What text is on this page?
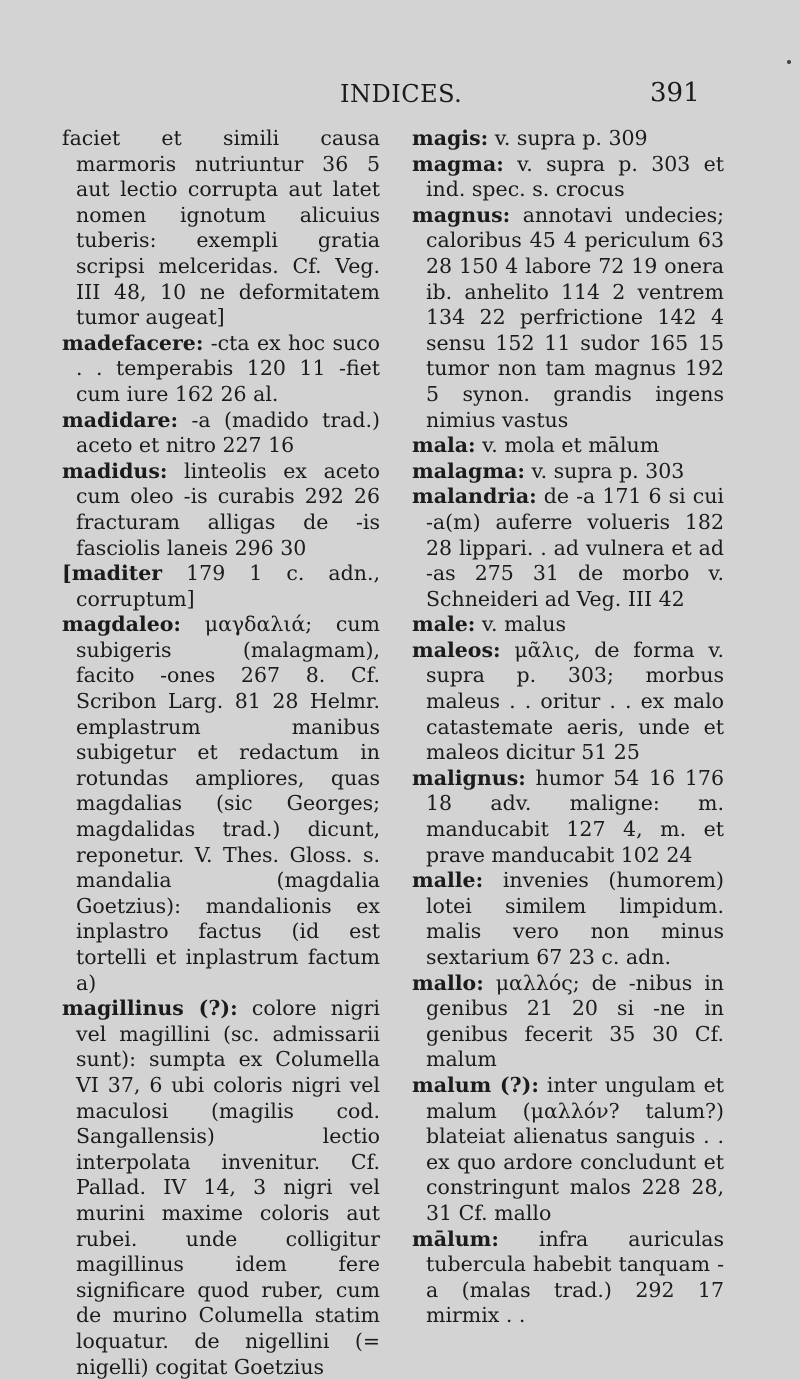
INDICES.	391

faciet et simili causa marmoris nutriuntur 36 5 aut lectio corrupta aut latet nomen ignotum alicuius tuberis: exempli gratia scripsi melceridas. Cf. Veg. III 48, 10 ne deformitatem tumor augeat]

madefacere: -cta ex hoc suco . . temperabis 120 11 -fiet cum iure 162 26 al.

madidare: -a (madido trad.) aceto et nitro 227 16

madidus: linteolis ex aceto cum oleo -is curabis 292 26 fracturam alligas de -is fasciolis laneis 296 30

[maditer 179 1 c. adn., corruptum]

magdaleo: μαγδαλιά; cum subigeris (malagmam), facito -ones 267 8. Cf. Scribon Larg. 81 28 Helmr. emplastrum manibus subigetur et redactum in rotundas ampliores, quas magdalias (sic Georges; magdalidas trad.) dicunt, reponetur. V. Thes. Gloss. s. mandalia (magdalia Goetzius): mandalionis ex inplastro factus (id est tortelli et inplastrum factum a)

magillinus (?): colore nigri vel magillini (sc. admissarii sunt): sumpta ex Columella VI 37, 6 ubi coloris nigri vel maculosi (magilis cod. Sangallensis) lectio interpolata invenitur. Cf. Pallad. IV 14, 3 nigri vel murini maxime coloris aut rubei. unde colligitur magillinus idem fere significare quod ruber, cum de murino Columella statim loquatur. de nigellini (= nigelli) cogitat Goetzius

magis: v. supra p. 309

magma: v. supra p. 303 et ind. spec. s. crocus

magnus: annotavi undecies; caloribus 45 4 periculum 63 28 150 4 labore 72 19 onera ib. anhelito 114 2 ventrem 134 22 perfrictione 142 4 sensu 152 11 sudor 165 15 tumor non tam magnus 192 5 synon. grandis ingens nimius vastus

mala: v. mola et mālum

malagma: v. supra p. 303

malandria: de -a 171 6 si cui -a(m) auferre volueris 182 28 lippari. . ad vulnera et ad -as 275 31 de morbo v. Schneideri ad Veg. III 42

male: v. malus

maleos: μᾶλις, de forma v. supra p. 303; morbus maleus . . oritur . . ex malo catastemate aeris, unde et maleos dicitur 51 25

malignus: humor 54 16 176 18 adv. maligne: m. manducabit 127 4, m. et prave manducabit 102 24

malle: invenies (humorem) lotei similem limpidum. malis vero non minus sextarium 67 23 c. adn.

mallo: μαλλός; de -nibus in genibus 21 20 si -ne in genibus fecerit 35 30 Cf. malum

malum (?): inter ungulam et malum (μαλλόν? talum?) blateiat alienatus sanguis . . ex quo ardore concludunt et constringunt malos 228 28, 31 Cf. mallo

mālum: infra auriculas tubercula habebit tanquam -a (malas trad.) 292 17 mirmix . .
